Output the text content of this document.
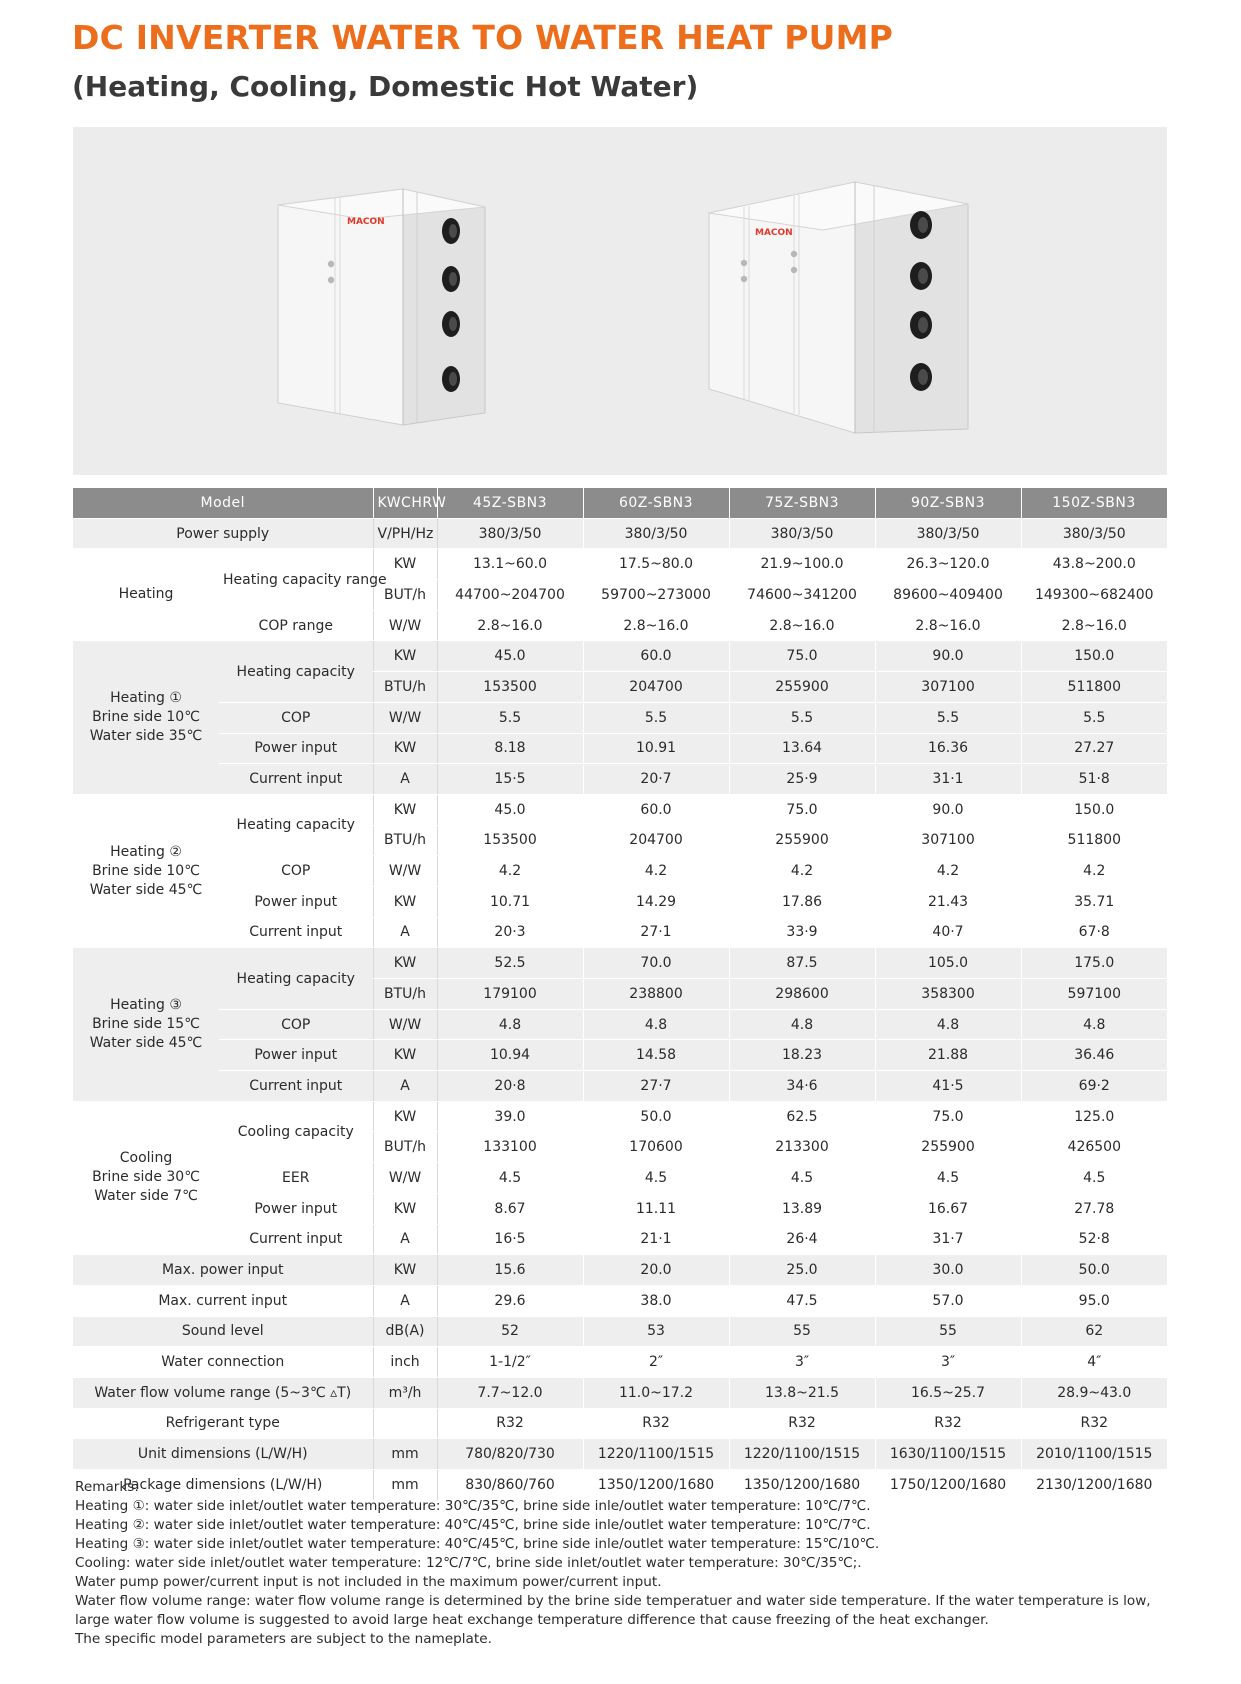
DC INVERTER WATER TO WATER HEAT PUMP
(Heating, Cooling, Domestic Hot Water)
MACON
MACON
Model		KWCHRW	45Z-SBN3	60Z-SBN3	75Z-SBN3	90Z-SBN3	150Z-SBN3
Power supply		V/PH/Hz	380/3/50	380/3/50	380/3/50	380/3/50	380/3/50
Heating	Heating capacity range	KW	13.1~60.0	17.5~80.0	21.9~100.0	26.3~120.0	43.8~200.0
		BUT/h	44700~204700	59700~273000	74600~341200	89600~409400	149300~682400
	COP range	W/W	2.8~16.0	2.8~16.0	2.8~16.0	2.8~16.0	2.8~16.0

Heating ①
Brine side 10℃
Water side 35℃	Heating capacity	KW	45.0	60.0	75.0	90.0	150.0
		BTU/h	153500	204700	255900	307100	511800
	COP	W/W	5.5	5.5	5.5	5.5	5.5
	Power input	KW	8.18	10.91	13.64	16.36	27.27
	Current input	A	15·5	20·7	25·9	31·1	51·8

Heating ②
Brine side 10℃
Water side 45℃	Heating capacity	KW	45.0	60.0	75.0	90.0	150.0
		BTU/h	153500	204700	255900	307100	511800
	COP	W/W	4.2	4.2	4.2	4.2	4.2
	Power input	KW	10.71	14.29	17.86	21.43	35.71
	Current input	A	20·3	27·1	33·9	40·7	67·8

Heating ③
Brine side 15℃
Water side 45℃	Heating capacity	KW	52.5	70.0	87.5	105.0	175.0
		BTU/h	179100	238800	298600	358300	597100
	COP	W/W	4.8	4.8	4.8	4.8	4.8
	Power input	KW	10.94	14.58	18.23	21.88	36.46
	Current input	A	20·8	27·7	34·6	41·5	69·2

Cooling
Brine side 30℃
Water side 7℃	Cooling capacity	KW	39.0	50.0	62.5	75.0	125.0
		BUT/h	133100	170600	213300	255900	426500
	EER	W/W	4.5	4.5	4.5	4.5	4.5
	Power input	KW	8.67	11.11	13.89	16.67	27.78
	Current input	A	16·5	21·1	26·4	31·7	52·8
Max. power input		KW	15.6	20.0	25.0	30.0	50.0
Max. current input		A	29.6	38.0	47.5	57.0	95.0
Sound level		dB(A)	52	53	55	55	62
Water connection		inch	1-1/2″	2″	3″	3″	4″
Water flow volume range (5~3℃ ▵T)		m³/h	7.7~12.0	11.0~17.2	13.8~21.5	16.5~25.7	28.9~43.0
Refrigerant type			R32	R32	R32	R32	R32
Unit dimensions (L/W/H)		mm	780/820/730	1220/1100/1515	1220/1100/1515	1630/1100/1515	2010/1100/1515
Package dimensions (L/W/H)		mm	830/860/760	1350/1200/1680	1350/1200/1680	1750/1200/1680	2130/1200/1680

Remarks:

Heating ①: water side inlet/outlet water temperature: 30℃/35℃, brine side inle/outlet water temperature: 10℃/7℃.

Heating ②: water side inlet/outlet water temperature: 40℃/45℃, brine side inle/outlet water temperature: 10℃/7℃.

Heating ③: water side inlet/outlet water temperature: 40℃/45℃, brine side inle/outlet water temperature: 15℃/10℃.

Cooling: water side inlet/outlet water temperature: 12℃/7℃, brine side inlet/outlet water temperature: 30℃/35℃;.

Water pump power/current input is not included in the maximum power/current input.

Water flow volume range: water flow volume range is determined by the brine side temperatuer and water side temperature. If the water temperature is low, large water flow volume is suggested to avoid large heat exchange temperature difference that cause freezing of the heat exchanger.

The specific model parameters are subject to the nameplate.
